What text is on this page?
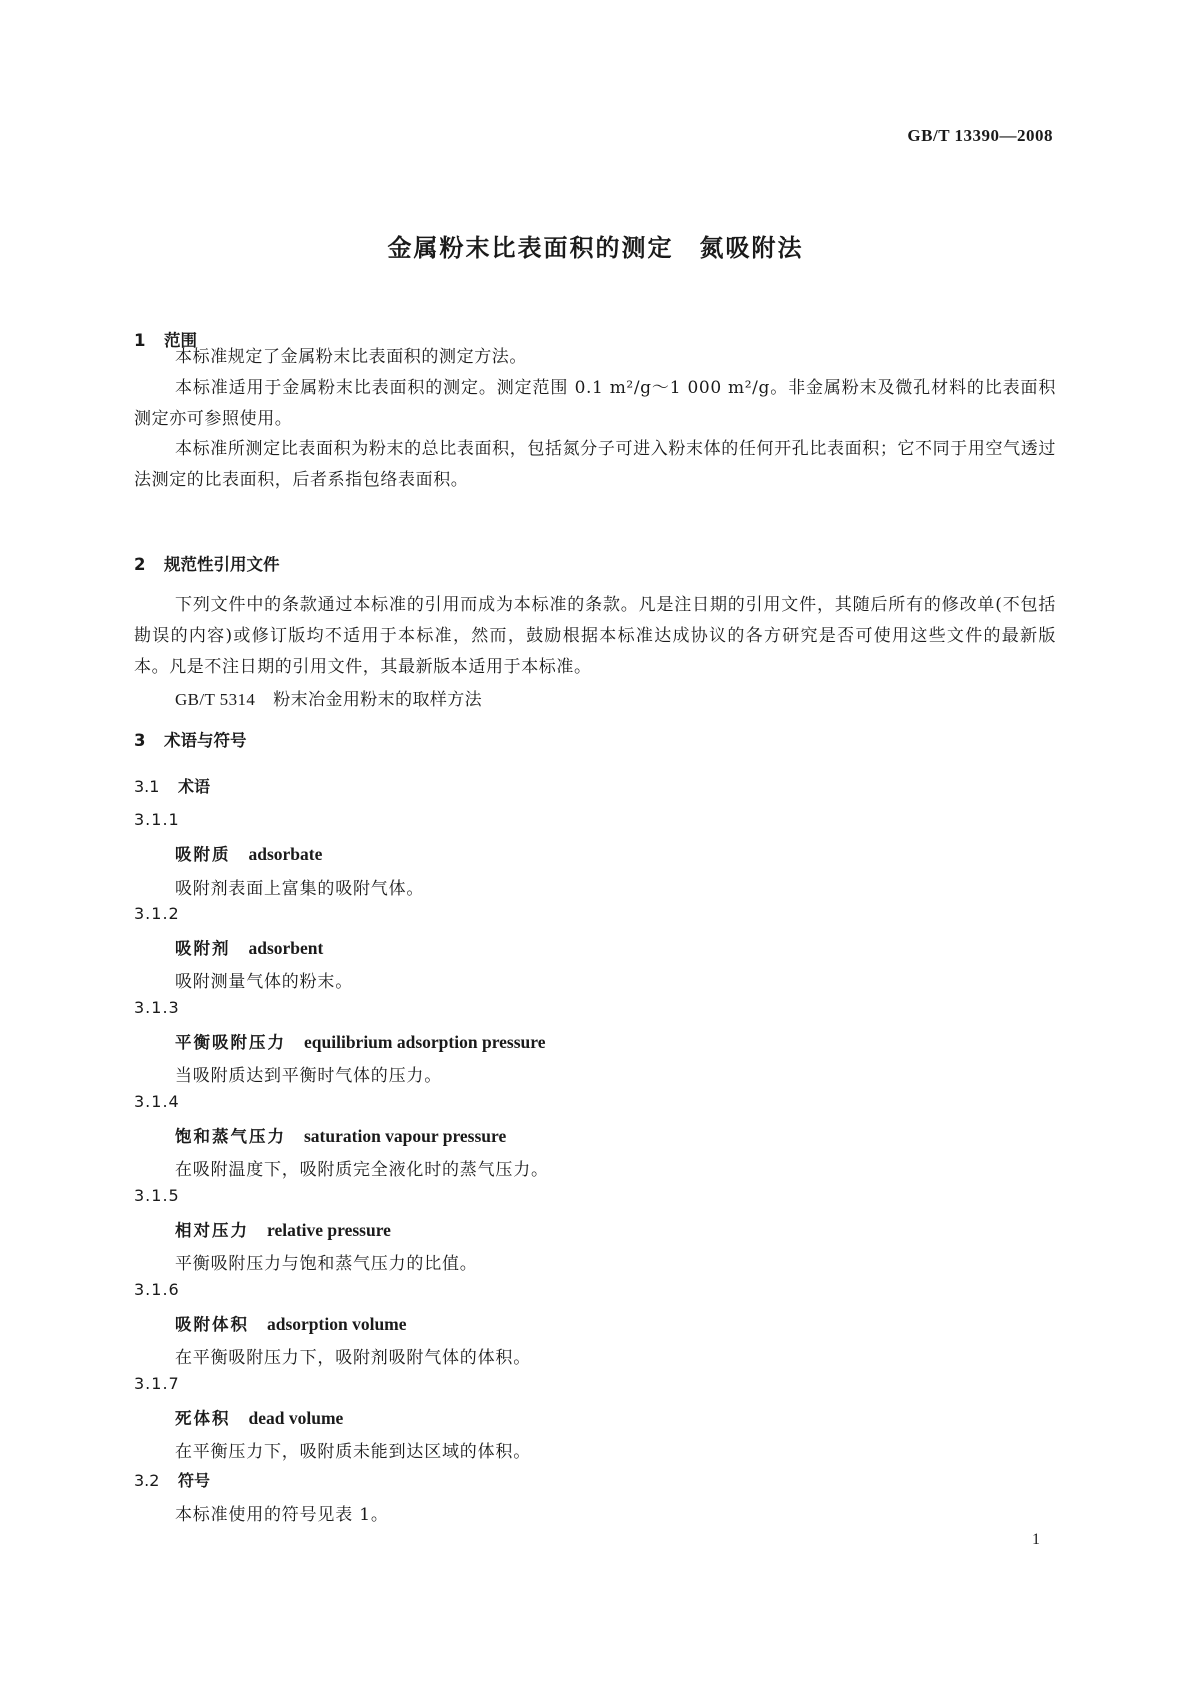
GB/T 13390—2008
金属粉末比表面积的测定　氮吸附法
1 范围
本标准规定了金属粉末比表面积的测定方法。
本标准适用于金属粉末比表面积的测定。测定范围 0.1 m²/g～1 000 m²/g。非金属粉末及微孔材料的比表面积测定亦可参照使用。
本标准所测定比表面积为粉末的总比表面积，包括氮分子可进入粉末体的任何开孔比表面积；它不同于用空气透过法测定的比表面积，后者系指包络表面积。
2 规范性引用文件
下列文件中的条款通过本标准的引用而成为本标准的条款。凡是注日期的引用文件，其随后所有的修改单(不包括勘误的内容)或修订版均不适用于本标准，然而，鼓励根据本标准达成协议的各方研究是否可使用这些文件的最新版本。凡是不注日期的引用文件，其最新版本适用于本标准。
GB/T 5314 粉末冶金用粉末的取样方法
3 术语与符号
3.1 术语
3.1.1
吸附质 adsorbate
吸附剂表面上富集的吸附气体。
3.1.2
吸附剂 adsorbent
吸附测量气体的粉末。
3.1.3
平衡吸附压力 equilibrium adsorption pressure
当吸附质达到平衡时气体的压力。
3.1.4
饱和蒸气压力 saturation vapour pressure
在吸附温度下，吸附质完全液化时的蒸气压力。
3.1.5
相对压力 relative pressure
平衡吸附压力与饱和蒸气压力的比值。
3.1.6
吸附体积 adsorption volume
在平衡吸附压力下，吸附剂吸附气体的体积。
3.1.7
死体积 dead volume
在平衡压力下，吸附质未能到达区域的体积。
3.2 符号
本标准使用的符号见表 1。
1
